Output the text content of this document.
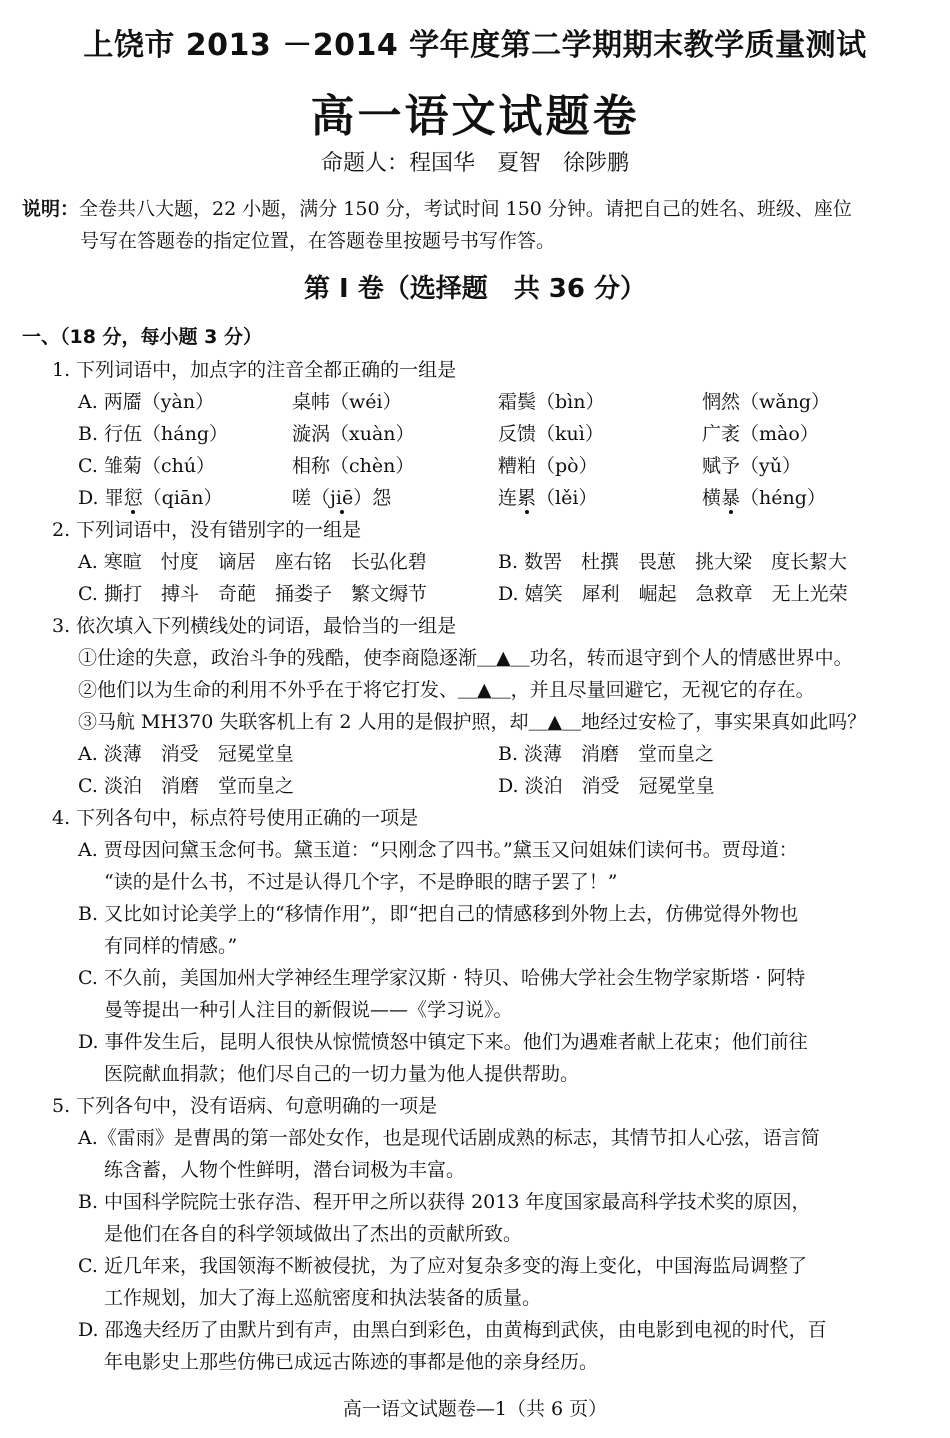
上饶市 2013 －2014 学年度第二学期期末教学质量测试
高一语文试题卷
命题人：程国华　夏智　徐陟鹏
说明：全卷共八大题，22 小题，满分 150 分，考试时间 150 分钟。请把自己的姓名、班级、座位
号写在答题卷的指定位置，在答题卷里按题号书写作答。
第 Ⅰ 卷（选择题　共 36 分）
一、（18 分，每小题 3 分）
1. 下列词语中，加点字的注音全都正确的一组是
A. 两靥（yàn）	桌帏（wéi）	霜鬓（bìn）	惘然（wǎng）
B. 行伍（háng）	漩涡（xuàn）	反馈（kuì）	广袤（mào）
C. 雏菊（chú）	相称（chèn）	糟粕（pò）	赋予（yǔ）
D. 罪愆（qiān）	嗟（jiē）怨	连累（lěi）	横暴（héng）
2. 下列词语中，没有错别字的一组是
A. 寒暄　忖度　谪居　座右铭　长弘化碧	B. 数罟　杜撰　畏葸　挑大梁　度长絜大
C. 撕打　搏斗　奇葩　捅娄子　繁文缛节	D. 嬉笑　犀利　崛起　急救章　无上光荣
3. 依次填入下列横线处的词语，最恰当的一组是
①仕途的失意，政治斗争的残酷，使李商隐逐渐＿▲＿功名，转而退守到个人的情感世界中。
②他们以为生命的利用不外乎在于将它打发、＿▲＿，并且尽量回避它，无视它的存在。
③马航 MH370 失联客机上有 2 人用的是假护照，却＿▲＿地经过安检了，事实果真如此吗？
A. 淡薄　消受　冠冕堂皇	B. 淡薄　消磨　堂而皇之
C. 淡泊　消磨　堂而皇之	D. 淡泊　消受　冠冕堂皇
4. 下列各句中，标点符号使用正确的一项是
A. 贾母因问黛玉念何书。黛玉道：“只刚念了四书。”黛玉又问姐妹们读何书。贾母道：
“读的是什么书，不过是认得几个字，不是睁眼的瞎子罢了！”
B. 又比如讨论美学上的“移情作用”，即“把自己的情感移到外物上去，仿佛觉得外物也
有同样的情感。”
C. 不久前，美国加州大学神经生理学家汉斯 · 特贝、哈佛大学社会生物学家斯塔 · 阿特
曼等提出一种引人注目的新假说——《学习说》。
D. 事件发生后，昆明人很快从惊慌愤怒中镇定下来。他们为遇难者献上花束；他们前往
医院献血捐款；他们尽自己的一切力量为他人提供帮助。
5. 下列各句中，没有语病、句意明确的一项是
A.《雷雨》是曹禺的第一部处女作，也是现代话剧成熟的标志，其情节扣人心弦，语言简
练含蓄，人物个性鲜明，潜台词极为丰富。
B. 中国科学院院士张存浩、程开甲之所以获得 2013 年度国家最高科学技术奖的原因，
是他们在各自的科学领域做出了杰出的贡献所致。
C. 近几年来，我国领海不断被侵扰，为了应对复杂多变的海上变化，中国海监局调整了
工作规划，加大了海上巡航密度和执法装备的质量。
D. 邵逸夫经历了由默片到有声，由黑白到彩色，由黄梅到武侠，由电影到电视的时代，百
年电影史上那些仿佛已成远古陈迹的事都是他的亲身经历。
高一语文试题卷—1（共 6 页）
